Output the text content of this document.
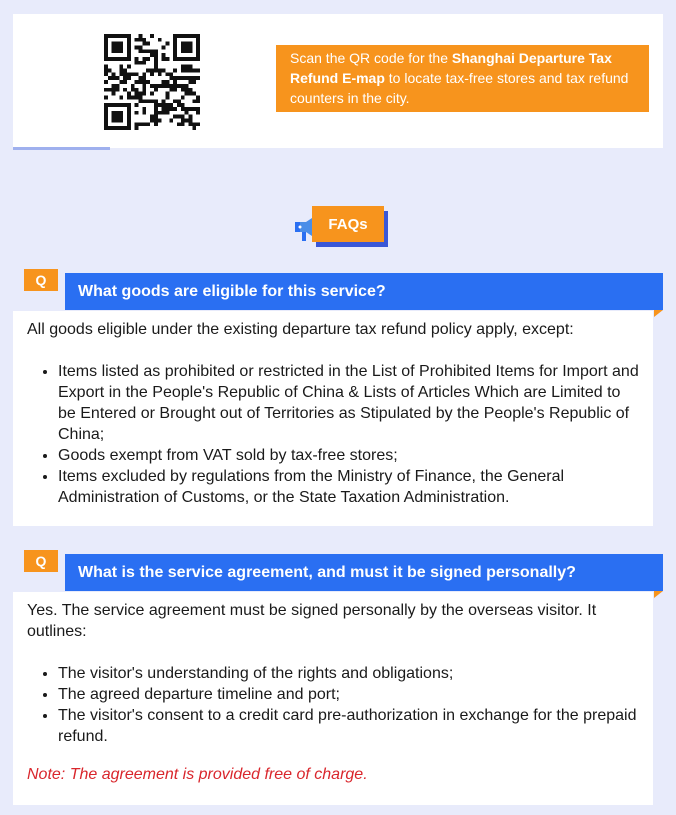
Scan the QR code for the Shanghai Departure Tax Refund E-map to locate tax-free stores and tax refund counters in the city.
FAQs
Q
What goods are eligible for this service?

All goods eligible under the existing departure tax refund policy apply, except:

• Items listed as prohibited or restricted in the List of Prohibited Items for Import and Export in the People's Republic of China & Lists of Articles Which are Limited to be Entered or Brought out of Territories as Stipulated by the People's Republic of China;
• Goods exempt from VAT sold by tax-free stores;
• Items excluded by regulations from the Ministry of Finance, the General Administration of Customs, or the State Taxation Administration.
Q
What is the service agreement, and must it be signed personally?

Yes. The service agreement must be signed personally by the overseas visitor. It outlines:

• The visitor's understanding of the rights and obligations;
• The agreed departure timeline and port;
• The visitor's consent to a credit card pre-authorization in exchange for the prepaid refund.

Note: The agreement is provided free of charge.
